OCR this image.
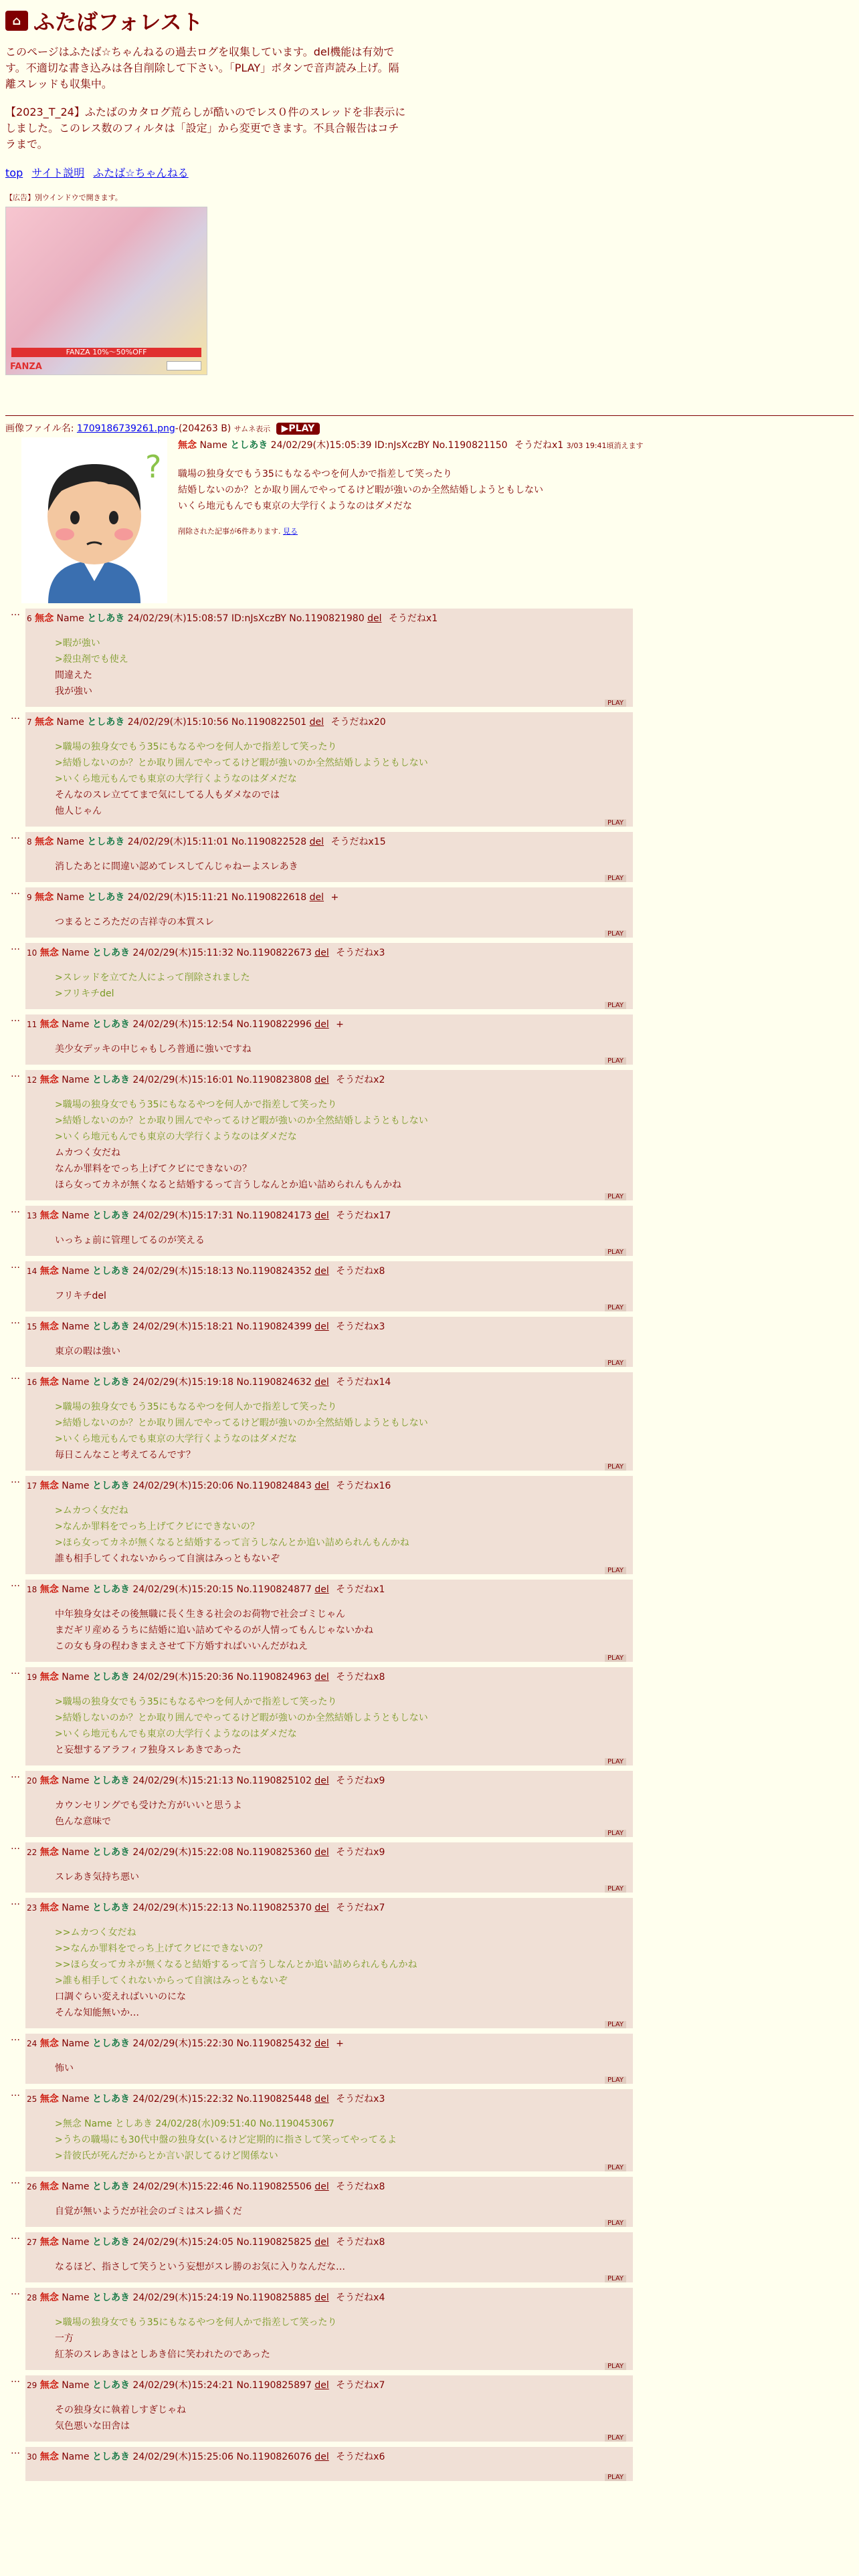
⌂ ふたばフォレスト

このページはふたば☆ちゃんねるの過去ログを収集しています。del機能は有効です。不適切な書き込みは各自削除して下さい。「PLAY」ボタンで音声読み上げ。隔離スレッドも収集中。

【2023_T_24】ふたばのカタログ荒らしが酷いのでレス０件のスレッドを非表示にしました。このレス数のフィルタは「設定」から変更できます。不具合報告はコチラまで。

top サイト説明 ふたば☆ちゃんねる
【広告】別ウインドウで開きます。
FANZA 10%〜50%OFF
FANZA
画像ファイル名: 1709186739261.png-(204263 B) サムネ表示 ▶PLAY
?
無念 Name としあき 24/02/29(木)15:05:39 ID:nJsXczBY No.1190821150 そうだねx1 3/03 19:41頃消えます
職場の独身女でもう35にもなるやつを何人かで指差して笑ったり
結婚しないのか？とか取り囲んでやってるけど暇が強いのか全然結婚しようともしない
いくら地元もんでも東京の大学行くようなのはダメだな
削除された記事が6件あります. 見る
…
6 無念 Name としあき 24/02/29(木)15:08:57 ID:nJsXczBY No.1190821980 del そうだねx1
>暇が強い
>殺虫剤でも使え
間違えた
我が強い
PLAY
…
7 無念 Name としあき 24/02/29(木)15:10:56 No.1190822501 del そうだねx20
>職場の独身女でもう35にもなるやつを何人かで指差して笑ったり
>結婚しないのか？とか取り囲んでやってるけど暇が強いのか全然結婚しようともしない
>いくら地元もんでも東京の大学行くようなのはダメだな
そんなのスレ立ててまで気にしてる人もダメなのでは
他人じゃん
PLAY
…
8 無念 Name としあき 24/02/29(木)15:11:01 No.1190822528 del そうだねx15
消したあとに間違い認めてレスしてんじゃねーよスレあき
PLAY
…
9 無念 Name としあき 24/02/29(木)15:11:21 No.1190822618 del +
つまるところただの吉祥寺の本質スレ
PLAY
…
10 無念 Name としあき 24/02/29(木)15:11:32 No.1190822673 del そうだねx3
>スレッドを立てた人によって削除されました
>フリキチdel
PLAY
…
11 無念 Name としあき 24/02/29(木)15:12:54 No.1190822996 del +
美少女デッキの中じゃもしろ普通に強いですね
PLAY
…
12 無念 Name としあき 24/02/29(木)15:16:01 No.1190823808 del そうだねx2
>職場の独身女でもう35にもなるやつを何人かで指差して笑ったり
>結婚しないのか？とか取り囲んでやってるけど暇が強いのか全然結婚しようともしない
>いくら地元もんでも東京の大学行くようなのはダメだな
ムカつく女だね
なんか罪料をでっち上げてクビにできないの？
ほら女ってカネが無くなると結婚するって言うしなんとか追い詰められんもんかね
PLAY
…
13 無念 Name としあき 24/02/29(木)15:17:31 No.1190824173 del そうだねx17
いっちょ前に管理してるのが笑える
PLAY
…
14 無念 Name としあき 24/02/29(木)15:18:13 No.1190824352 del そうだねx8
フリキチdel
PLAY
…
15 無念 Name としあき 24/02/29(木)15:18:21 No.1190824399 del そうだねx3
東京の暇は強い
PLAY
…
16 無念 Name としあき 24/02/29(木)15:19:18 No.1190824632 del そうだねx14
>職場の独身女でもう35にもなるやつを何人かで指差して笑ったり
>結婚しないのか？とか取り囲んでやってるけど暇が強いのか全然結婚しようともしない
>いくら地元もんでも東京の大学行くようなのはダメだな
毎日こんなこと考えてるんです？
PLAY
…
17 無念 Name としあき 24/02/29(木)15:20:06 No.1190824843 del そうだねx16
>ムカつく女だね
>なんか罪料をでっち上げてクビにできないの？
>ほら女ってカネが無くなると結婚するって言うしなんとか追い詰められんもんかね
誰も相手してくれないからって自演はみっともないぞ
PLAY
…
18 無念 Name としあき 24/02/29(木)15:20:15 No.1190824877 del そうだねx1
中年独身女はその後無職に長く生きる社会のお荷物で社会ゴミじゃん
まだギリ産めるうちに結婚に追い詰めてやるのが人情ってもんじゃないかね
この女も身の程わきまえさせて下方婚すればいいんだがねえ
PLAY
…
19 無念 Name としあき 24/02/29(木)15:20:36 No.1190824963 del そうだねx8
>職場の独身女でもう35にもなるやつを何人かで指差して笑ったり
>結婚しないのか？とか取り囲んでやってるけど暇が強いのか全然結婚しようともしない
>いくら地元もんでも東京の大学行くようなのはダメだな
と妄想するアラフィフ独身スレあきであった
PLAY
…
20 無念 Name としあき 24/02/29(木)15:21:13 No.1190825102 del そうだねx9
カウンセリングでも受けた方がいいと思うよ
色んな意味で
PLAY
…
22 無念 Name としあき 24/02/29(木)15:22:08 No.1190825360 del そうだねx9
スレあき気持ち悪い
PLAY
…
23 無念 Name としあき 24/02/29(木)15:22:13 No.1190825370 del そうだねx7
>>ムカつく女だね
>>なんか罪料をでっち上げてクビにできないの？
>>ほら女ってカネが無くなると結婚するって言うしなんとか追い詰められんもんかね
>誰も相手してくれないからって自演はみっともないぞ
口調ぐらい変えればいいのにな
そんな知能無いか…
PLAY
…
24 無念 Name としあき 24/02/29(木)15:22:30 No.1190825432 del +
怖い
PLAY
…
25 無念 Name としあき 24/02/29(木)15:22:32 No.1190825448 del そうだねx3
>無念 Name としあき 24/02/28(水)09:51:40 No.1190453067
>うちの職場にも30代中盤の独身女(いるけど定期的に指さして笑ってやってるよ
>昔彼氏が死んだからとか言い訳してるけど関係ない
PLAY
…
26 無念 Name としあき 24/02/29(木)15:22:46 No.1190825506 del そうだねx8
自覚が無いようだが社会のゴミはスレ描くだ
PLAY
…
27 無念 Name としあき 24/02/29(木)15:24:05 No.1190825825 del そうだねx8
なるほど、指さして笑うという妄想がスレ勝のお気に入りなんだな…
PLAY
…
28 無念 Name としあき 24/02/29(木)15:24:19 No.1190825885 del そうだねx4
>職場の独身女でもう35にもなるやつを何人かで指差して笑ったり
一方
紅茶のスレあきはとしあき倍に笑われたのであった
PLAY
…
29 無念 Name としあき 24/02/29(木)15:24:21 No.1190825897 del そうだねx7
その独身女に執着しすぎじゃね
気色悪いな田舎は
PLAY
…
30 無念 Name としあき 24/02/29(木)15:25:06 No.1190826076 del そうだねx6
PLAY
